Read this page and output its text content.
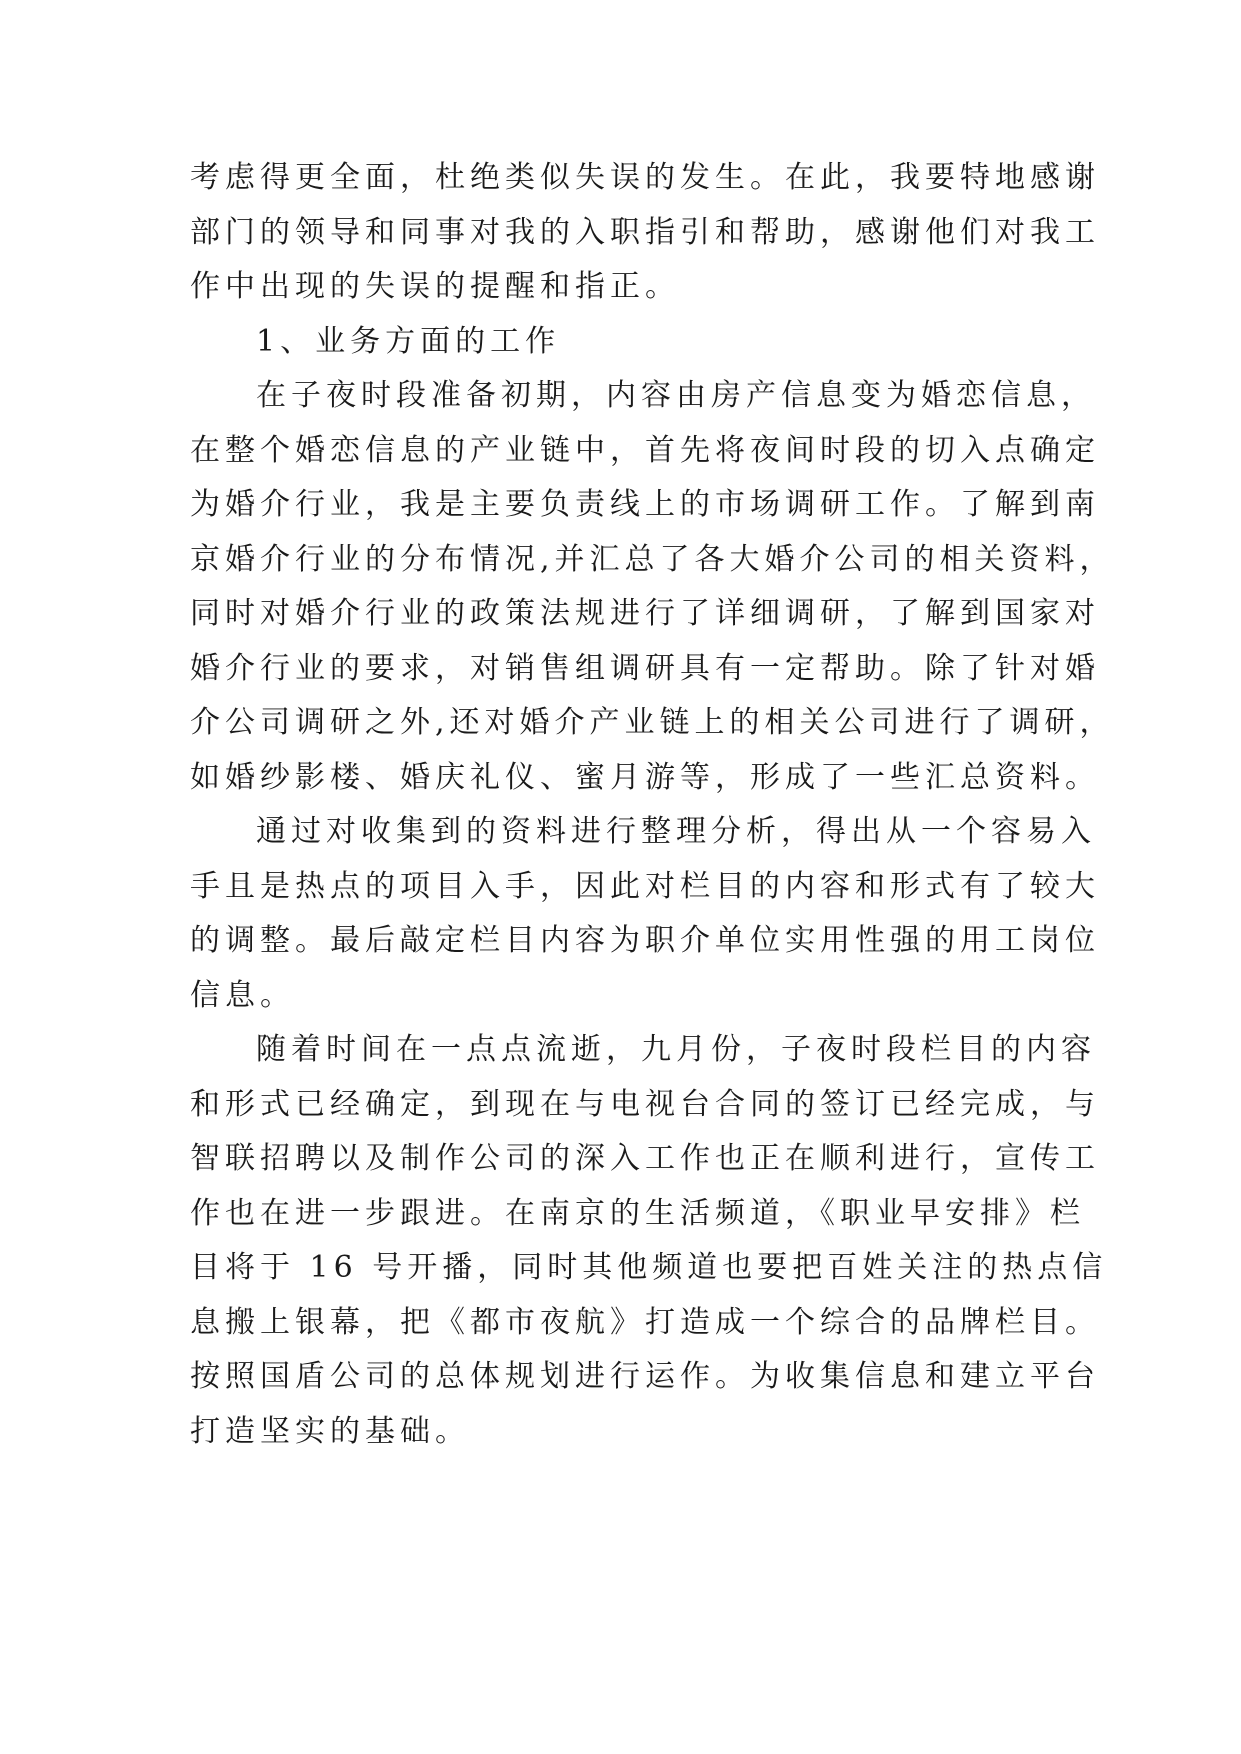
考虑得更全面，杜绝类似失误的发生。在此，我要特地感谢
部门的领导和同事对我的入职指引和帮助，感谢他们对我工
作中出现的失误的提醒和指正。
1、业务方面的工作
在子夜时段准备初期，内容由房产信息变为婚恋信息，
在整个婚恋信息的产业链中，首先将夜间时段的切入点确定
为婚介行业，我是主要负责线上的市场调研工作。了解到南
京婚介行业的分布情况,并汇总了各大婚介公司的相关资料，
同时对婚介行业的政策法规进行了详细调研，了解到国家对
婚介行业的要求，对销售组调研具有一定帮助。除了针对婚
介公司调研之外,还对婚介产业链上的相关公司进行了调研，
如婚纱影楼、婚庆礼仪、蜜月游等，形成了一些汇总资料。
通过对收集到的资料进行整理分析，得出从一个容易入
手且是热点的项目入手，因此对栏目的内容和形式有了较大
的调整。最后敲定栏目内容为职介单位实用性强的用工岗位
信息。
随着时间在一点点流逝，九月份，子夜时段栏目的内容
和形式已经确定，到现在与电视台合同的签订已经完成，与
智联招聘以及制作公司的深入工作也正在顺利进行，宣传工
作也在进一步跟进。在南京的生活频道，《职业早安排》栏
目将于 16 号开播，同时其他频道也要把百姓关注的热点信
息搬上银幕，把《都市夜航》打造成一个综合的品牌栏目。
按照国盾公司的总体规划进行运作。为收集信息和建立平台
打造坚实的基础。
